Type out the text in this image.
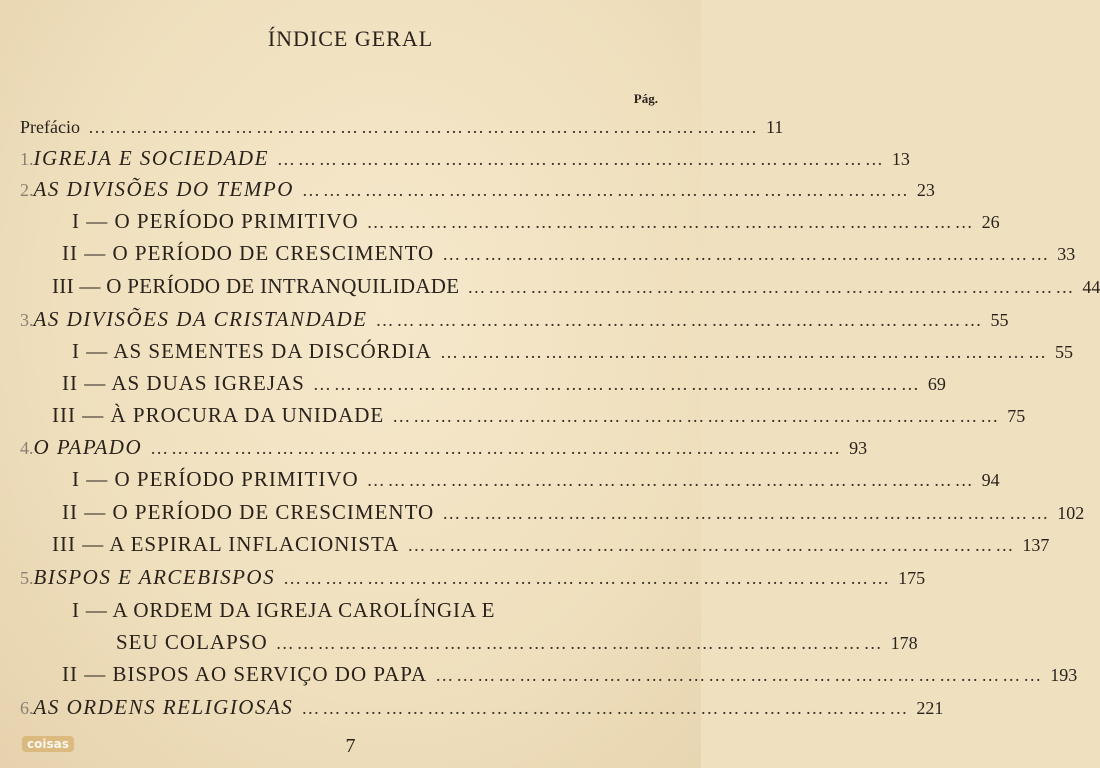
ÍNDICE GERAL
Pág.
Prefácio …………………………………………………………………………………… 11
1. IGREJA E SOCIEDADE …………………………………………………………………………… 13
2. AS DIVISÕES DO TEMPO …………………………………………………………………………… 23
I — O PERÍODO PRIMITIVO …………………………………………………………………………… 26
II — O PERÍODO DE CRESCIMENTO …………………………………………………………………………… 33
III — O PERÍODO DE INTRANQUILIDADE …………………………………………………………………………… 44
3. AS DIVISÕES DA CRISTANDADE …………………………………………………………………………… 55
I — AS SEMENTES DA DISCÓRDIA …………………………………………………………………………… 55
II — AS DUAS IGREJAS …………………………………………………………………………… 69
III — À PROCURA DA UNIDADE …………………………………………………………………………… 75
4. O PAPADO ……………………………………………………………………………………… 93
I — O PERÍODO PRIMITIVO …………………………………………………………………………… 94
II — O PERÍODO DE CRESCIMENTO …………………………………………………………………………… 102
III — A ESPIRAL INFLACIONISTA …………………………………………………………………………… 137
5. BISPOS E ARCEBISPOS …………………………………………………………………………… 175
I — A ORDEM DA IGREJA CAROLÍNGIA E
SEU COLAPSO …………………………………………………………………………… 178
II — BISPOS AO SERVIÇO DO PAPA …………………………………………………………………………… 193
6. AS ORDENS RELIGIOSAS …………………………………………………………………………… 221
coisas	7
